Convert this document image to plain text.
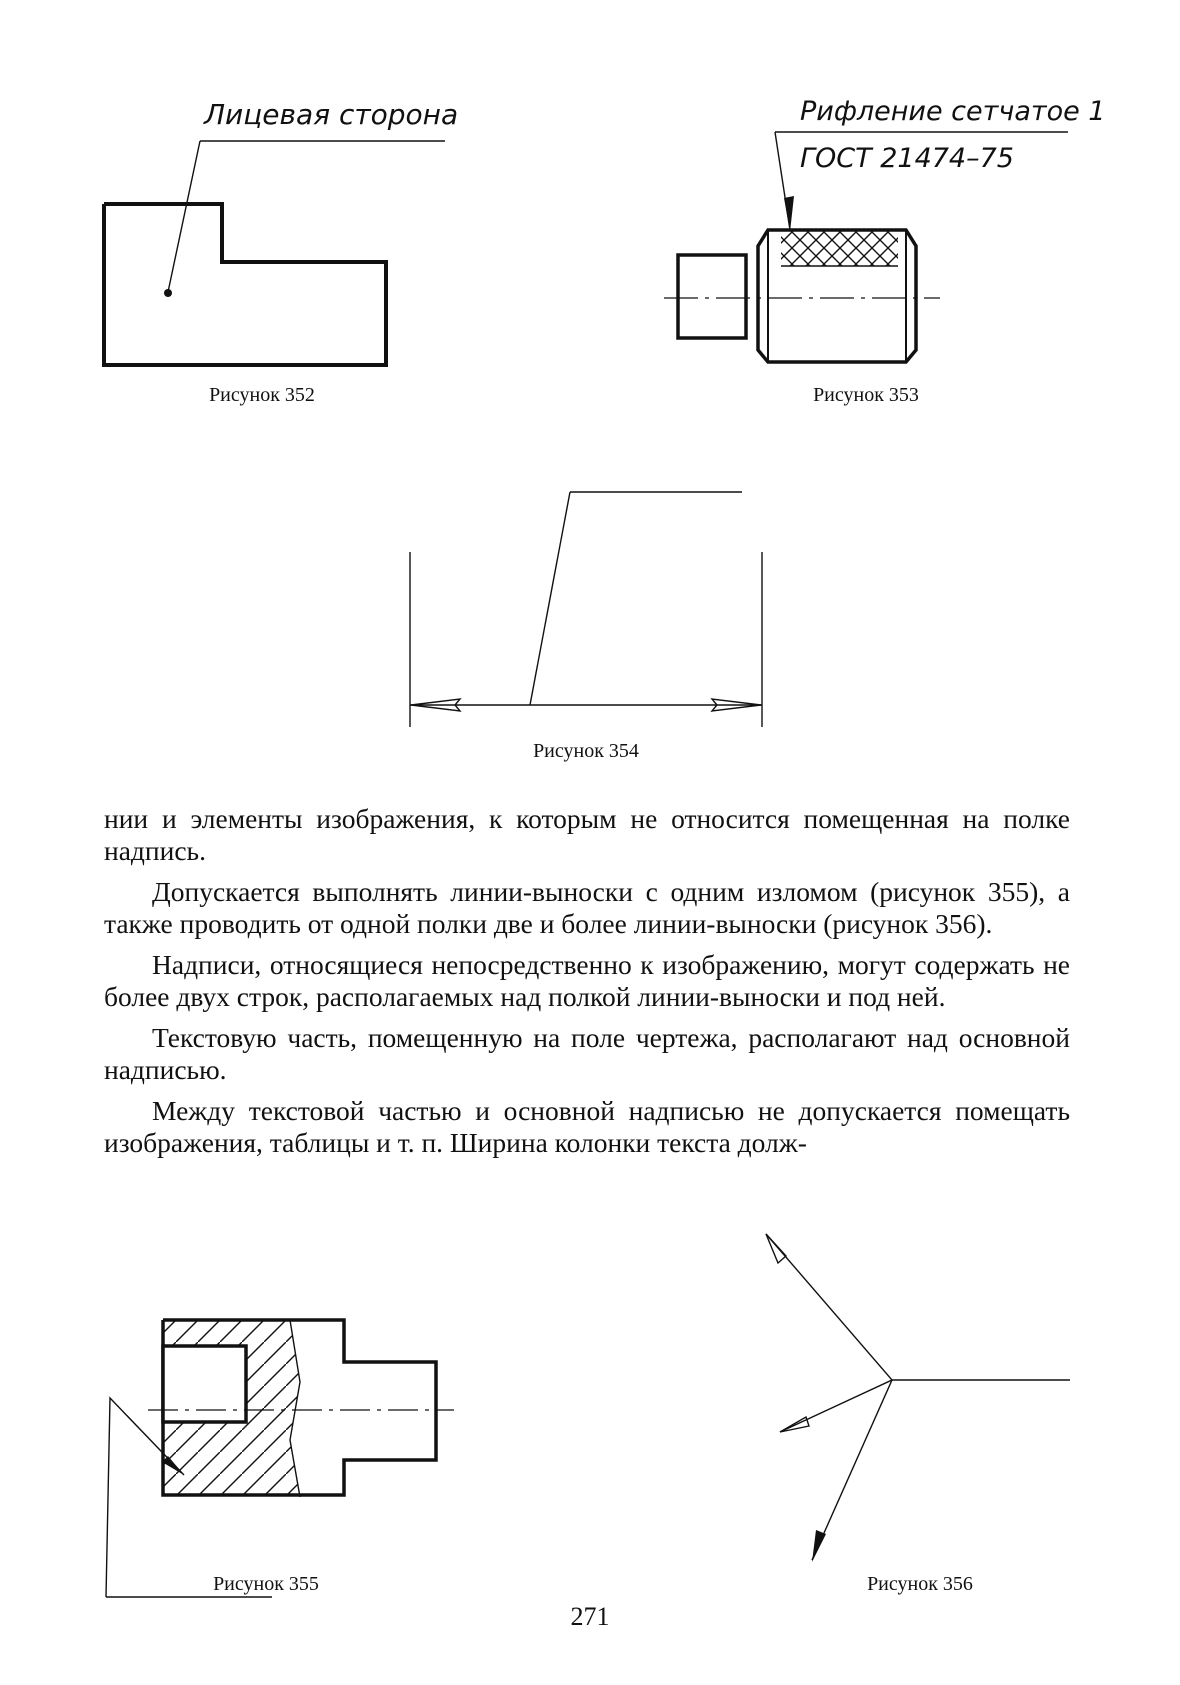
Лицевая сторона	Рифление сетчатое 1
ГОСТ 21474–75
Рисунок 352	Рисунок 353
Рисунок 354
Рисунок 355	Рисунок 356

нии и элементы изображения, к которым не относится помещенная на полке надпись.

Допускается выполнять линии-выноски с одним изломом (рисунок 355), а также проводить от одной полки две и более линии-выноски (рисунок 356).

Надписи, относящиеся непосредственно к изображению, могут содержать не более двух строк, располагаемых над полкой линии-выноски и под ней.

Текстовую часть, помещенную на поле чертежа, располагают над основной надписью.

Между текстовой частью и основной надписью не допускается помещать изображения, таблицы и т. п. Ширина колонки текста долж-

271
